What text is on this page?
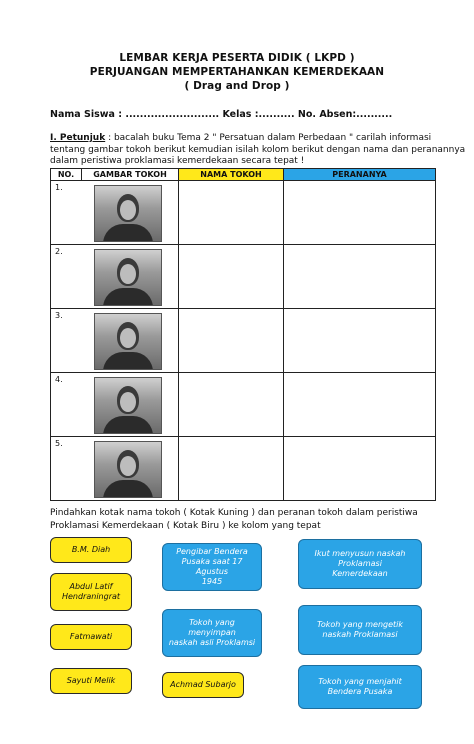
LEMBAR KERJA PESERTA DIDIK ( LKPD )
PERJUANGAN MEMPERTAHANKAN KEMERDEKAAN
( Drag and Drop )
Nama Siswa : .......................... Kelas :.......... No. Absen:..........
I. Petunjuk : bacalah buku Tema 2 " Persatuan dalam Perbedaan " carilah informasi
tentang gambar tokoh berikut kemudian isilah kolom berikut dengan nama dan peranannya
dalam peristiwa proklamasi kemerdekaan secara tepat !
NO.	GAMBAR TOKOH	NAMA TOKOH	PERANANYA

1.			

2.			

3.			

4.			

5.			

Pindahkan kotak nama tokoh ( Kotak Kuning ) dan peranan tokoh dalam peristiwa
Proklamasi Kemerdekaan ( Kotak Biru ) ke kolom yang tepat
B.M. Diah
Abdul Latif
Hendraningrat
Fatmawati
Sayuti Melik	Achmad Subarjo
Pengibar Bendera
Pusaka saat 17 Agustus
1945
Ikut menyusun naskah
Proklamasi
Kemerdekaan
Tokoh yang menyimpan
naskah asli Proklamsi
Tokoh yang mengetik
naskah Proklamasi
Tokoh yang menjahit
Bendera Pusaka
